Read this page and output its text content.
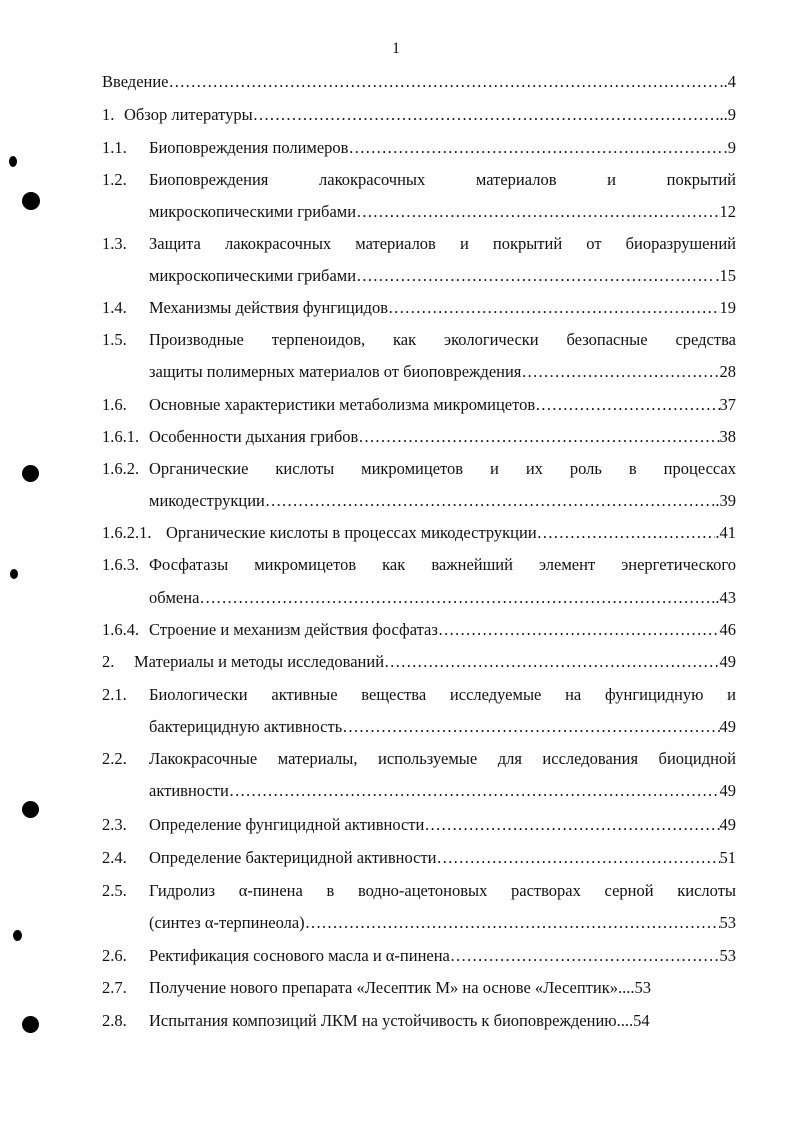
1
Введение ………………………………………………………………………………………………………………………………………………	..4
1. Обзор литературы ………………………………………………………………………………………………………………………………………………	..9
1.1. Биоповреждения полимеров ………………………………………………………………………………………………………………………………………………	.9
1.2. Биоповреждения лакокрасочных материалов и покрытий
микроскопическими грибами ………………………………………………………………………………………………………………………………………………	12
1.3. Защита лакокрасочных материалов и покрытий от биоразрушений
микроскопическими грибами ………………………………………………………………………………………………………………………………………………	.15
1.4. Механизмы действия фунгицидов ………………………………………………………………………………………………………………………………………………	19
1.5. Производные терпеноидов, как экологически безопасные средства
защиты полимерных материалов от биоповреждения ………………………………………………………………………………………………………………………………………………	28
1.6. Основные характеристики метаболизма микромицетов ………………………………………………………………………………………………………………………………………………	37
1.6.1. Особенности дыхания грибов ………………………………………………………………………………………………………………………………………………	38
1.6.2. Органические кислоты микромицетов и их роль в процессах
микодеструкции ………………………………………………………………………………………………………………………………………………	..39
1.6.2.1. Органические кислоты в процессах микодеструкции ………………………………………………………………………………………………………………………………………………	.41
1.6.3. Фосфатазы микромицетов как важнейший элемент энергетического
обмена ………………………………………………………………………………………………………………………………………………	..43
1.6.4. Строение и механизм действия фосфатаз ………………………………………………………………………………………………………………………………………………	46
2. Материалы и методы исследований ………………………………………………………………………………………………………………………………………………	49
2.1. Биологически активные вещества исследуемые на фунгицидную и
бактерицидную активность ………………………………………………………………………………………………………………………………………………	49
2.2. Лакокрасочные материалы, используемые для исследования биоцидной
активности ………………………………………………………………………………………………………………………………………………	49
2.3. Определение фунгицидной активности ………………………………………………………………………………………………………………………………………………	49
2.4. Определение бактерицидной активности ………………………………………………………………………………………………………………………………………………	51
2.5. Гидролиз α-пинена в водно-ацетоновых растворах серной кислоты
(синтез α-терпинеола) ………………………………………………………………………………………………………………………………………………	53
2.6. Ректификация соснового масла и α-пинена ………………………………………………………………………………………………………………………………………………	53
2.7. Получение нового препарата «Лесептик М» на основе «Лесептик» ....53
2.8. Испытания композиций ЛКМ на устойчивость к биоповреждению ....54
